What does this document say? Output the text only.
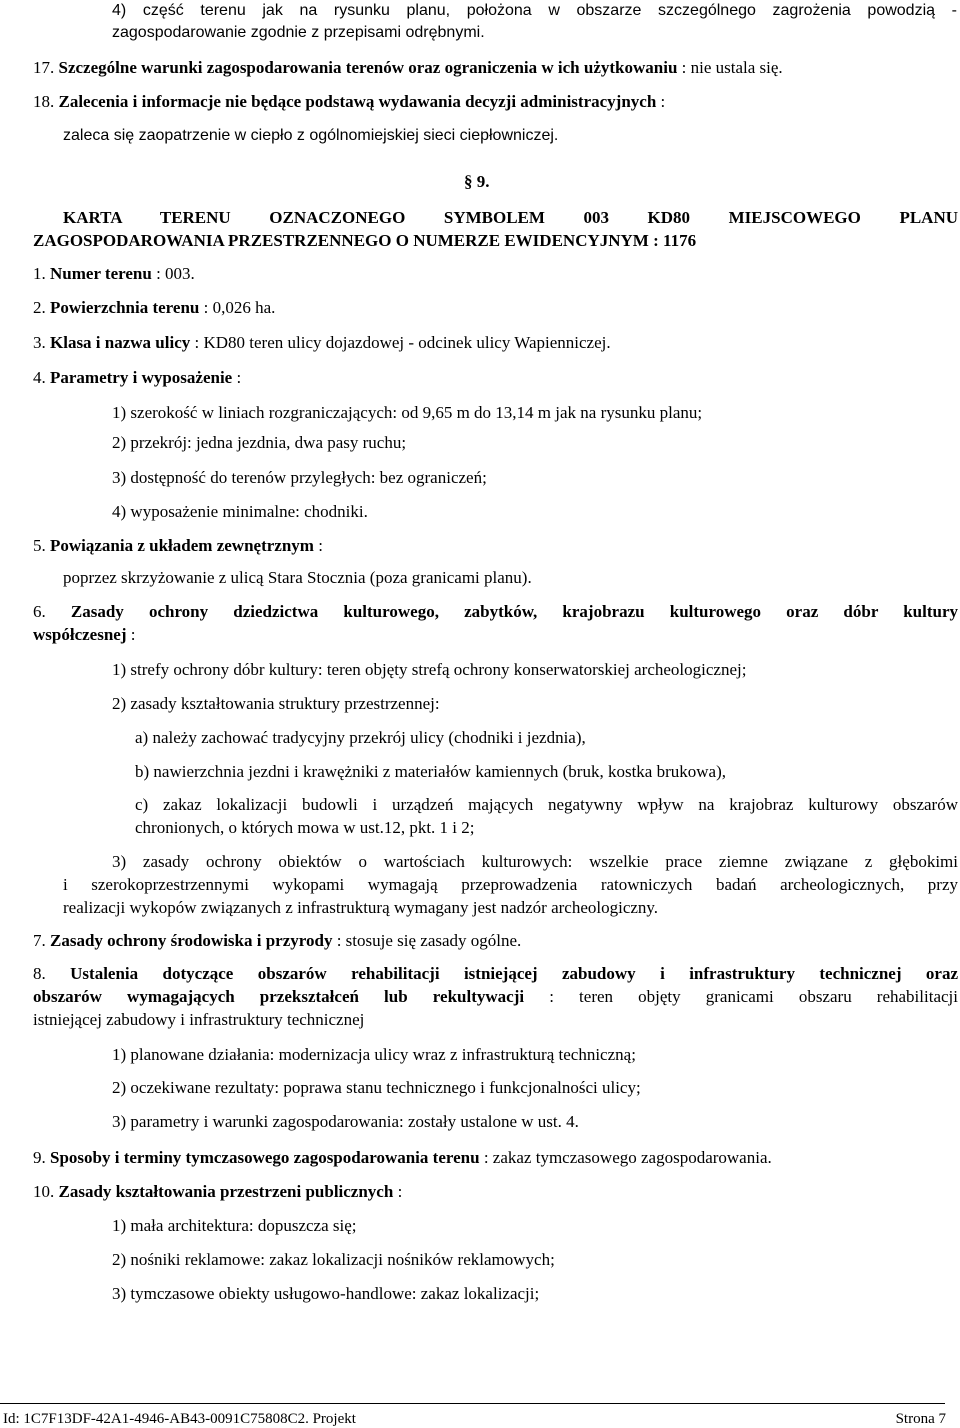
4) część terenu jak na rysunku planu, położona w obszarze szczególnego zagrożenia powodzią -
zagospodarowanie zgodnie z przepisami odrębnymi.
17. Szczególne warunki zagospodarowania terenów oraz ograniczenia w ich użytkowaniu : nie ustala się.
18. Zalecenia i informacje nie będące podstawą wydawania decyzji administracyjnych :
zaleca się zaopatrzenie w ciepło z ogólnomiejskiej sieci ciepłowniczej.
§ 9.
KARTA TERENU OZNACZONEGO SYMBOLEM 003 KD80 MIEJSCOWEGO PLANU
ZAGOSPODAROWANIA PRZESTRZENNEGO O NUMERZE EWIDENCYJNYM : 1176
1. Numer terenu : 003.
2. Powierzchnia terenu : 0,026 ha.
3. Klasa i nazwa ulicy : KD80 teren ulicy dojazdowej - odcinek ulicy Wapienniczej.
4. Parametry i wyposażenie :
1) szerokość w liniach rozgraniczających: od 9,65 m do 13,14 m jak na rysunku planu;
2) przekrój: jedna jezdnia, dwa pasy ruchu;
3) dostępność do terenów przyległych: bez ograniczeń;
4) wyposażenie minimalne: chodniki.
5. Powiązania z układem zewnętrznym :
poprzez skrzyżowanie z ulicą Stara Stocznia (poza granicami planu).
6. Zasady ochrony dziedzictwa kulturowego, zabytków, krajobrazu kulturowego oraz dóbr kultury
współczesnej :
1) strefy ochrony dóbr kultury: teren objęty strefą ochrony konserwatorskiej archeologicznej;
2) zasady kształtowania struktury przestrzennej:
a) należy zachować tradycyjny przekrój ulicy (chodniki i jezdnia),
b) nawierzchnia jezdni i krawężniki z materiałów kamiennych (bruk, kostka brukowa),
c) zakaz lokalizacji budowli i urządzeń mających negatywny wpływ na krajobraz kulturowy obszarów
chronionych, o których mowa w ust.12, pkt. 1 i 2;
3) zasady ochrony obiektów o wartościach kulturowych: wszelkie prace ziemne związane z głębokimi
i szerokoprzestrzennymi wykopami wymagają przeprowadzenia ratowniczych badań archeologicznych, przy
realizacji wykopów związanych z infrastrukturą wymagany jest nadzór archeologiczny.
7. Zasady ochrony środowiska i przyrody : stosuje się zasady ogólne.
8. Ustalenia dotyczące obszarów rehabilitacji istniejącej zabudowy i infrastruktury technicznej oraz
obszarów wymagających przekształceń lub rekultywacji : teren objęty granicami obszaru rehabilitacji
istniejącej zabudowy i infrastruktury technicznej
1) planowane działania: modernizacja ulicy wraz z infrastrukturą techniczną;
2) oczekiwane rezultaty: poprawa stanu technicznego i funkcjonalności ulicy;
3) parametry i warunki zagospodarowania: zostały ustalone w ust. 4.
9. Sposoby i terminy tymczasowego zagospodarowania terenu : zakaz tymczasowego zagospodarowania.
10. Zasady kształtowania przestrzeni publicznych :
1) mała architektura: dopuszcza się;
2) nośniki reklamowe: zakaz lokalizacji nośników reklamowych;
3) tymczasowe obiekty usługowo-handlowe: zakaz lokalizacji;
Id: 1C7F13DF-42A1-4946-AB43-0091C75808C2. Projekt	Strona 7
